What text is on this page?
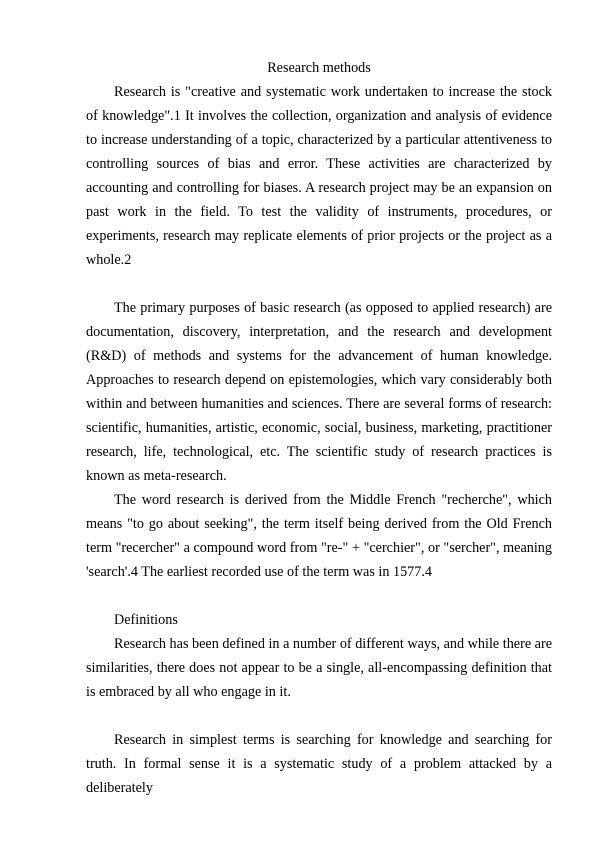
Research methods

Research is "creative and systematic work undertaken to increase the stock of knowledge".1 It involves the collection, organization and analysis of evidence to increase understanding of a topic, characterized by a particular attentiveness to controlling sources of bias and error. These activities are characterized by accounting and controlling for biases. A research project may be an expansion on past work in the field. To test the validity of instruments, procedures, or experiments, research may replicate elements of prior projects or the project as a whole.2

The primary purposes of basic research (as opposed to applied research) are documentation, discovery, interpretation, and the research and development (R&D) of methods and systems for the advancement of human knowledge. Approaches to research depend on epistemologies, which vary considerably both within and between humanities and sciences. There are several forms of research: scientific, humanities, artistic, economic, social, business, marketing, practitioner research, life, technological, etc. The scientific study of research practices is known as meta-research.

The word research is derived from the Middle French "recherche", which means "to go about seeking", the term itself being derived from the Old French term "recercher" a compound word from "re-" + "cerchier", or "sercher", meaning 'search'.4 The earliest recorded use of the term was in 1577.4

Definitions

Research has been defined in a number of different ways, and while there are similarities, there does not appear to be a single, all-encompassing definition that is embraced by all who engage in it.

Research in simplest terms is searching for knowledge and searching for truth. In formal sense it is a systematic study of a problem attacked by a deliberately
